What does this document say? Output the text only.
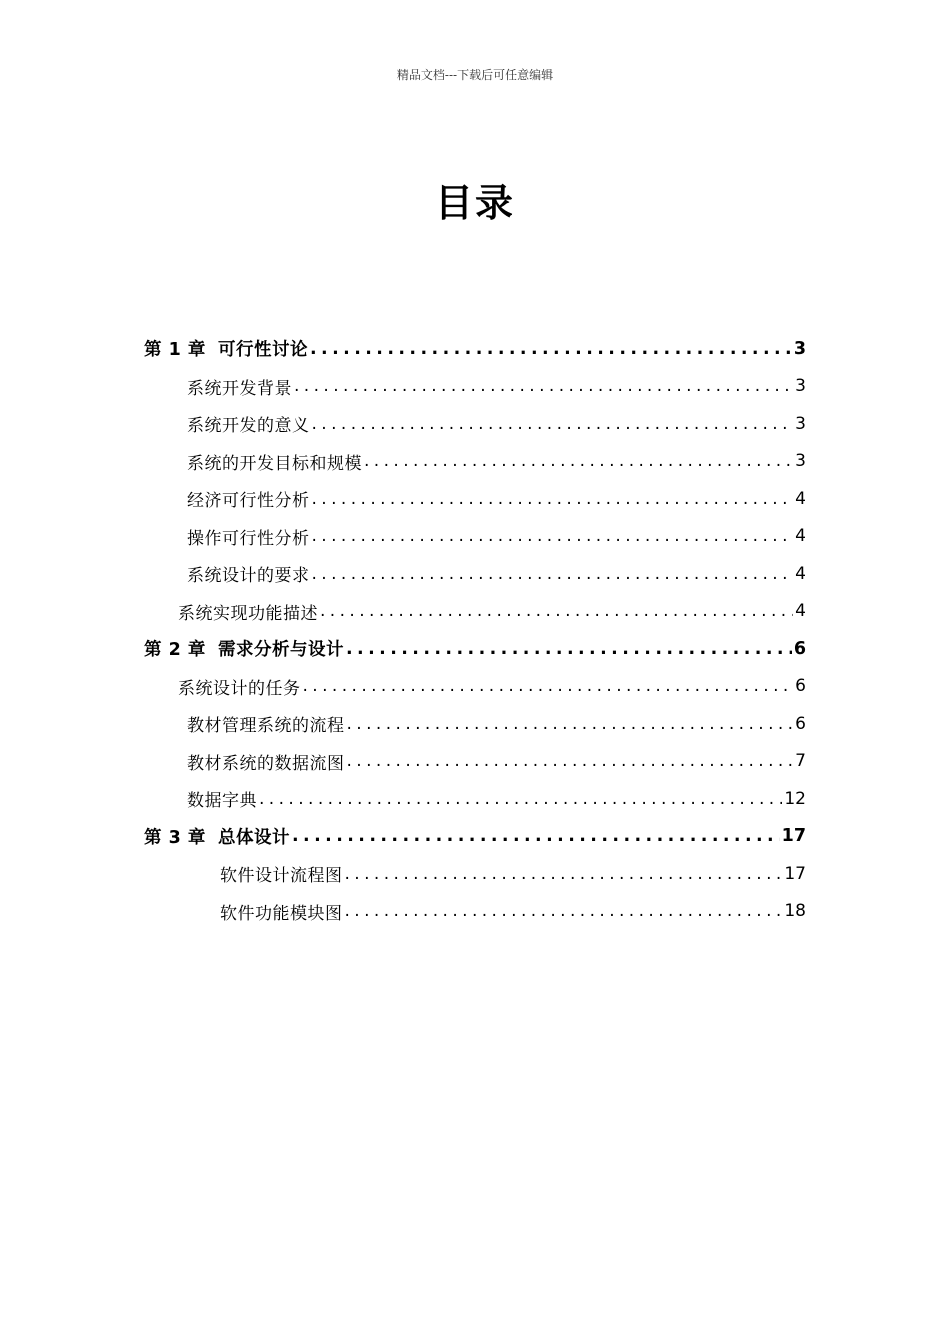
精品文档---下载后可任意编辑
目录
第 1 章 可行性讨论 .....	3
系统开发背景 .....	3
系统开发的意义 .....	3
系统的开发目标和规模 .....	3
经济可行性分析 .....	4
操作可行性分析 .....	4
系统设计的要求 .....	4
系统实现功能描述 .....	4
第 2 章 需求分析与设计 .....	6
系统设计的任务 .....	6
教材管理系统的流程 .....	6
教材系统的数据流图 .....	7
数据字典 .....	12
第 3 章 总体设计 .....	17
软件设计流程图 .....	17
软件功能模块图 .....	18
